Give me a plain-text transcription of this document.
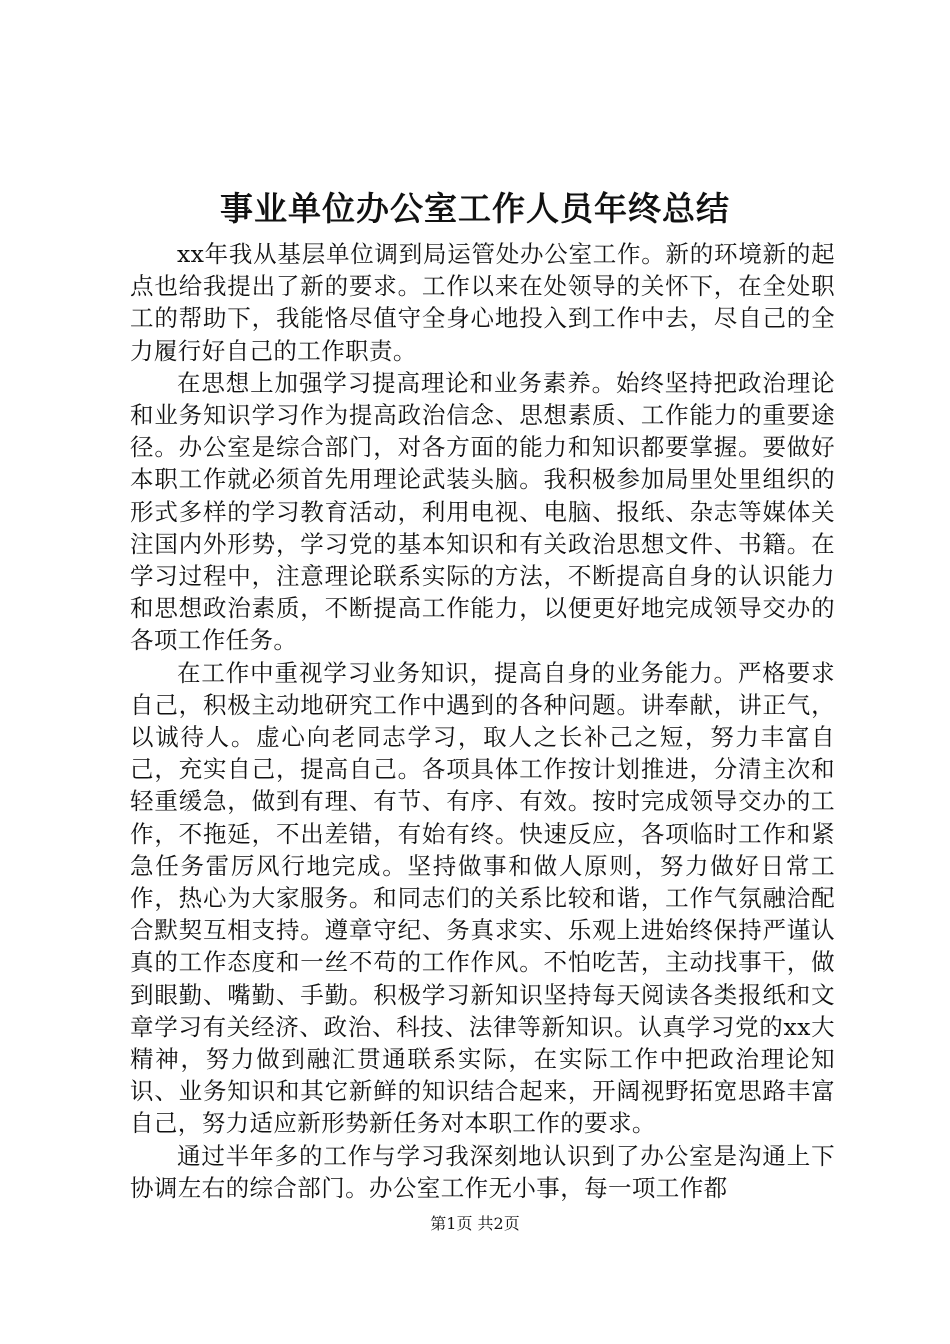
事业单位办公室工作人员年终总结

xx年我从基层单位调到局运管处办公室工作。新的环境新的起点也给我提出了新的要求。工作以来在处领导的关怀下，在全处职工的帮助下，我能恪尽值守全身心地投入到工作中去，尽自己的全力履行好自己的工作职责。

在思想上加强学习提高理论和业务素养。始终坚持把政治理论和业务知识学习作为提高政治信念、思想素质、工作能力的重要途径。办公室是综合部门，对各方面的能力和知识都要掌握。要做好本职工作就必须首先用理论武装头脑。我积极参加局里处里组织的形式多样的学习教育活动，利用电视、电脑、报纸、杂志等媒体关注国内外形势，学习党的基本知识和有关政治思想文件、书籍。在学习过程中，注意理论联系实际的方法，不断提高自身的认识能力和思想政治素质，不断提高工作能力，以便更好地完成领导交办的各项工作任务。

在工作中重视学习业务知识，提高自身的业务能力。严格要求自己，积极主动地研究工作中遇到的各种问题。讲奉献，讲正气，以诚待人。虚心向老同志学习，取人之长补己之短，努力丰富自己，充实自己，提高自己。各项具体工作按计划推进，分清主次和轻重缓急，做到有理、有节、有序、有效。按时完成领导交办的工作，不拖延，不出差错，有始有终。快速反应，各项临时工作和紧急任务雷厉风行地完成。坚持做事和做人原则，努力做好日常工作，热心为大家服务。和同志们的关系比较和谐，工作气氛融洽配合默契互相支持。遵章守纪、务真求实、乐观上进始终保持严谨认真的工作态度和一丝不苟的工作作风。不怕吃苦，主动找事干，做到眼勤、嘴勤、手勤。积极学习新知识坚持每天阅读各类报纸和文章学习有关经济、政治、科技、法律等新知识。认真学习党的xx大精神，努力做到融汇贯通联系实际，在实际工作中把政治理论知识、业务知识和其它新鲜的知识结合起来，开阔视野拓宽思路丰富自己，努力适应新形势新任务对本职工作的要求。

通过半年多的工作与学习我深刻地认识到了办公室是沟通上下协调左右的综合部门。办公室工作无小事，每一项工作都

第1页 共2页
